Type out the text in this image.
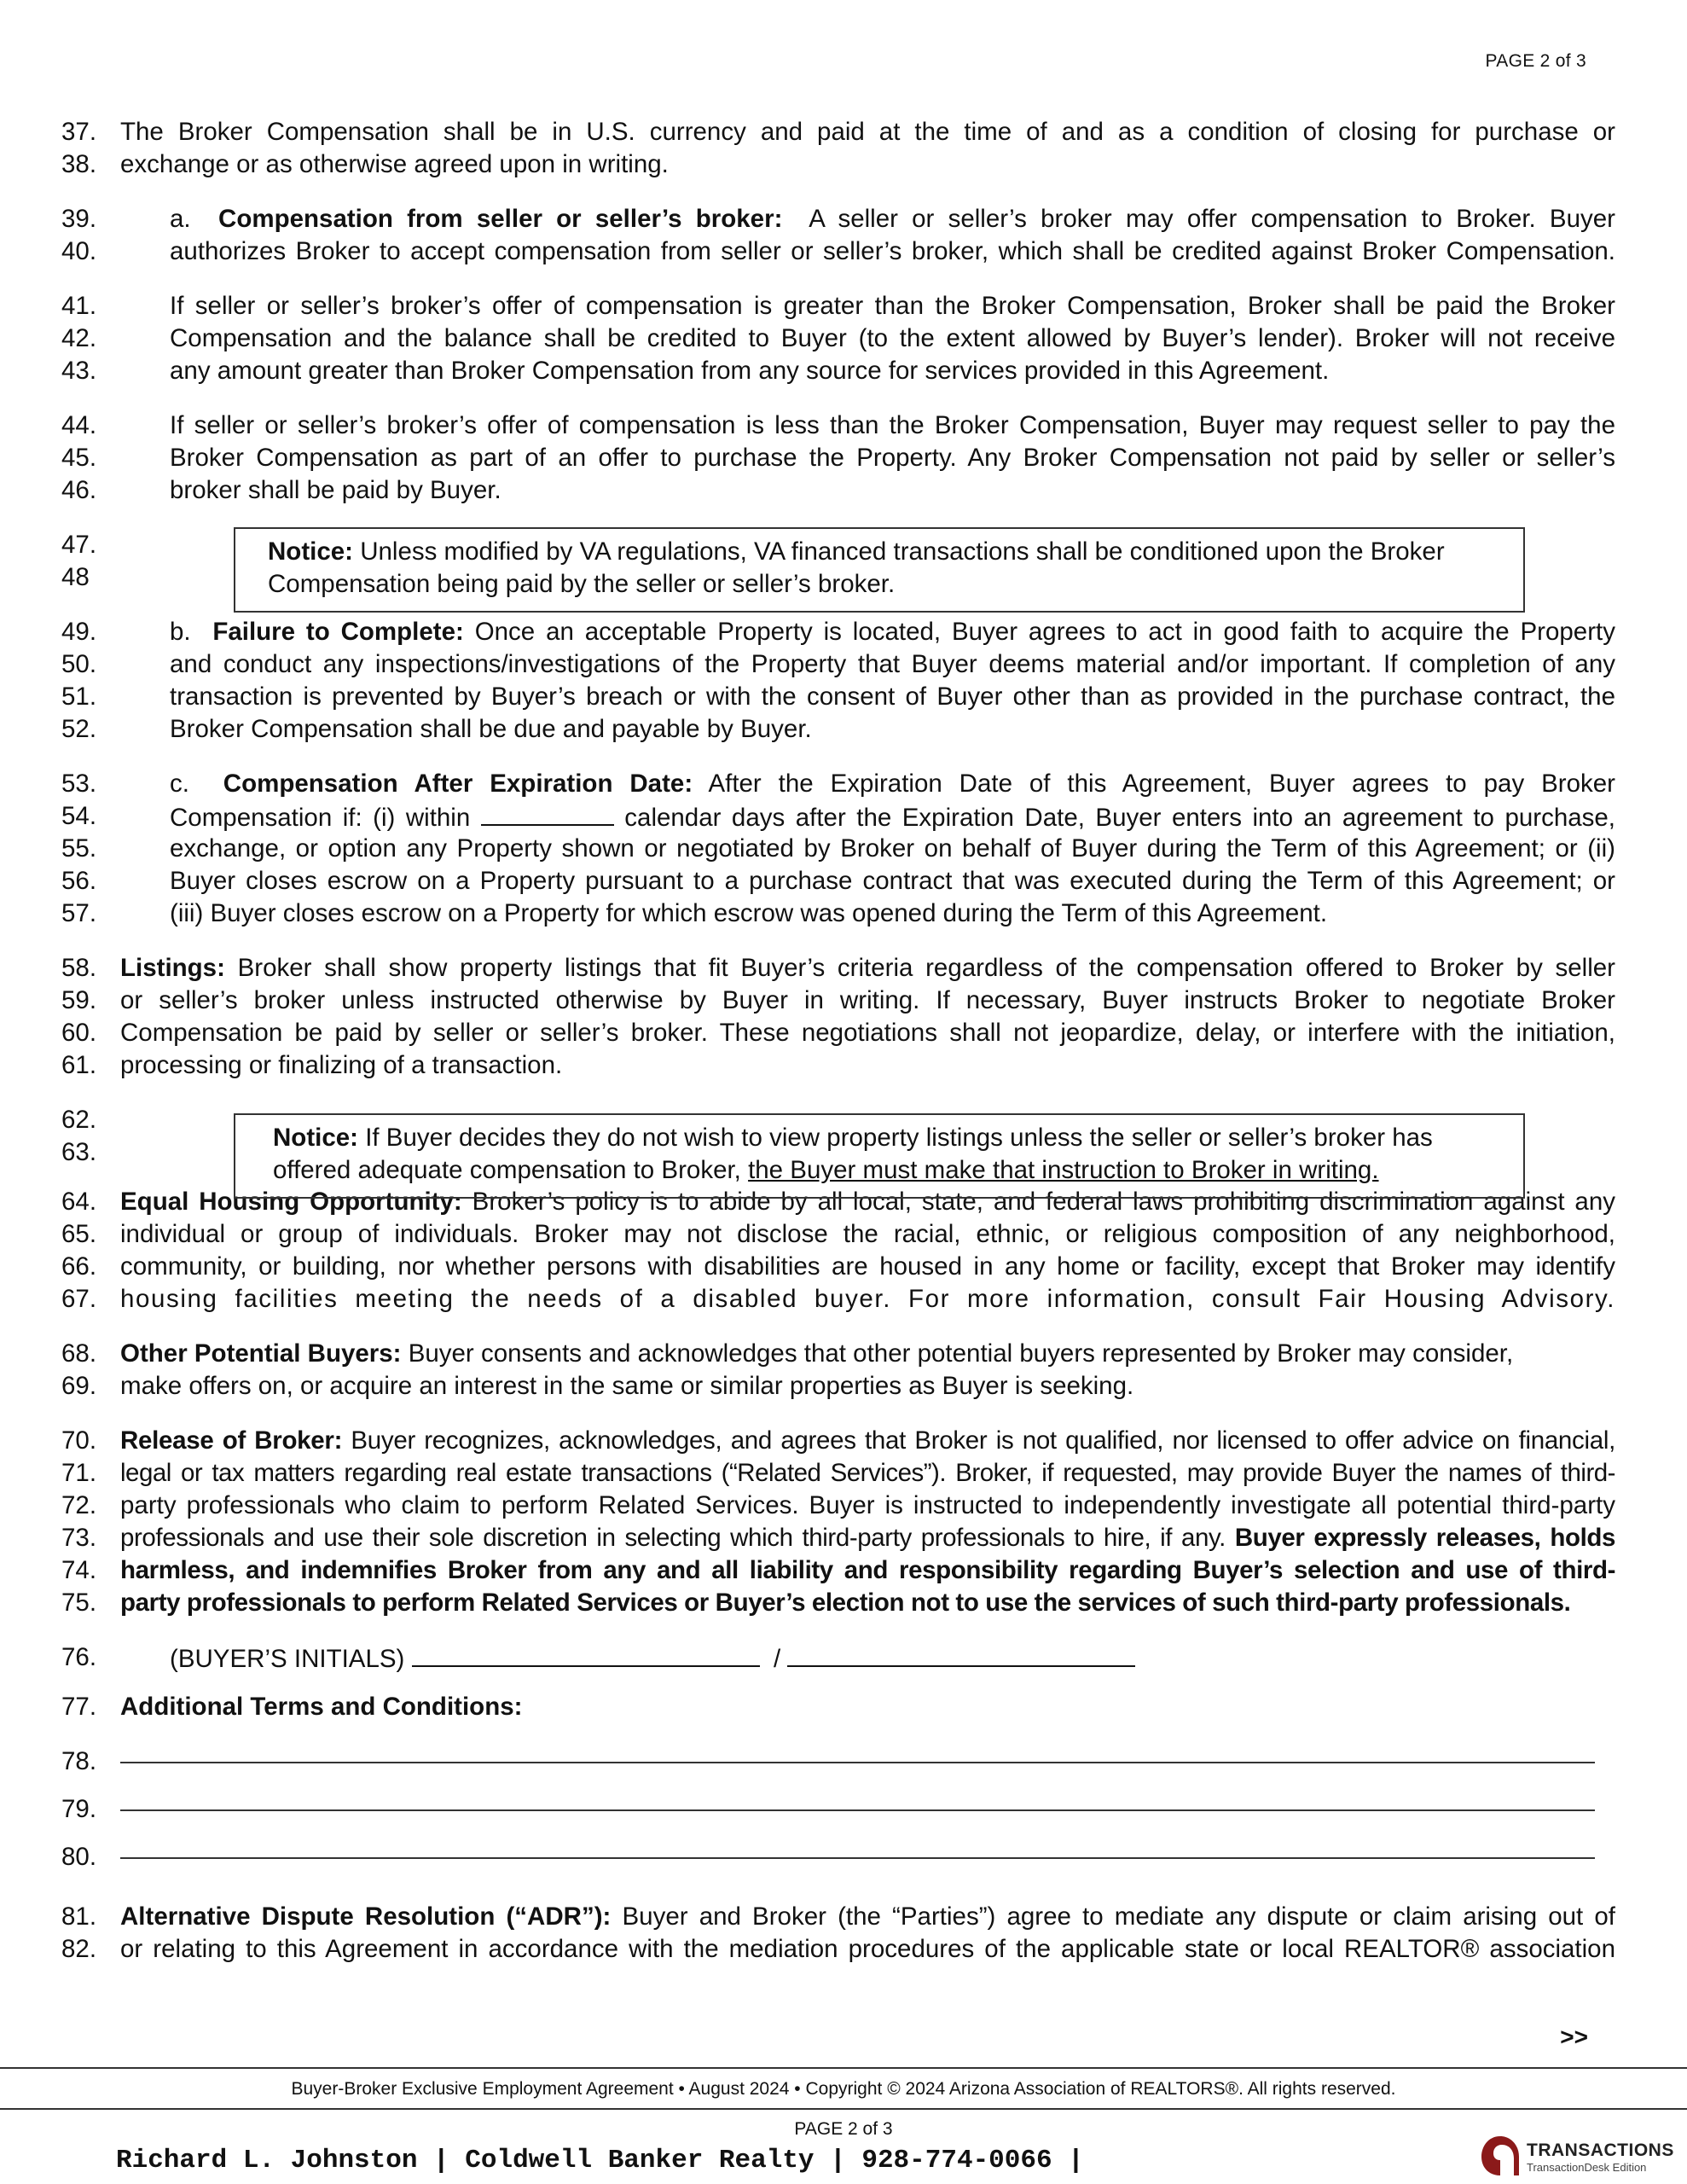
PAGE 2 of 3
37. The Broker Compensation shall be in U.S. currency and paid at the time of and as a condition of closing for purchase or
38. exchange or as otherwise agreed upon in writing.
39.	a. Compensation from seller or seller’s broker: A seller or seller’s broker may offer compensation to Broker. Buyer
40.	authorizes Broker to accept compensation from seller or seller’s broker, which shall be credited against Broker Compensation.
41.	If seller or seller’s broker’s offer of compensation is greater than the Broker Compensation, Broker shall be paid the Broker
42.	Compensation and the balance shall be credited to Buyer (to the extent allowed by Buyer’s lender). Broker will not receive
43.	any amount greater than Broker Compensation from any source for services provided in this Agreement.
44.	If seller or seller’s broker’s offer of compensation is less than the Broker Compensation, Buyer may request seller to pay the
45.	Broker Compensation as part of an offer to purchase the Property. Any Broker Compensation not paid by seller or seller’s
46.	broker shall be paid by Buyer.
47.
48
49.	b. Failure to Complete: Once an acceptable Property is located, Buyer agrees to act in good faith to acquire the Property
50.	and conduct any inspections/investigations of the Property that Buyer deems material and/or important. If completion of any
51.	transaction is prevented by Buyer’s breach or with the consent of Buyer other than as provided in the purchase contract, the
52.	Broker Compensation shall be due and payable by Buyer.
53.	c. Compensation After Expiration Date: After the Expiration Date of this Agreement, Buyer agrees to pay Broker
54.	Compensation if: (i) within	calendar days after the Expiration Date, Buyer enters into an agreement to purchase,
55.	exchange, or option any Property shown or negotiated by Broker on behalf of Buyer during the Term of this Agreement; or (ii)
56.	Buyer closes escrow on a Property pursuant to a purchase contract that was executed during the Term of this Agreement; or
57.	(iii) Buyer closes escrow on a Property for which escrow was opened during the Term of this Agreement.
58. Listings: Broker shall show property listings that fit Buyer’s criteria regardless of the compensation offered to Broker by seller
59. or seller’s broker unless instructed otherwise by Buyer in writing. If necessary, Buyer instructs Broker to negotiate Broker
60. Compensation be paid by seller or seller’s broker. These negotiations shall not jeopardize, delay, or interfere with the initiation,
61. processing or finalizing of a transaction.
62.
63.
64. Equal Housing Opportunity: Broker’s policy is to abide by all local, state, and federal laws prohibiting discrimination against any
65. individual or group of individuals. Broker may not disclose the racial, ethnic, or religious composition of any neighborhood,
66. community, or building, nor whether persons with disabilities are housed in any home or facility, except that Broker may identify
67. housing facilities meeting the needs of a disabled buyer. For more information, consult Fair Housing Advisory.
68. Other Potential Buyers: Buyer consents and acknowledges that other potential buyers represented by Broker may consider,
69. make offers on, or acquire an interest in the same or similar properties as Buyer is seeking.
70. Release of Broker: Buyer recognizes, acknowledges, and agrees that Broker is not qualified, nor licensed to offer advice on financial,
71. legal or tax matters regarding real estate transactions (“Related Services”). Broker, if requested, may provide Buyer the names of third-
72. party professionals who claim to perform Related Services. Buyer is instructed to independently investigate all potential third-party
73. professionals and use their sole discretion in selecting which third-party professionals to hire, if any. Buyer expressly releases, holds
74. harmless, and indemnifies Broker from any and all liability and responsibility regarding Buyer’s selection and use of third-
75. party professionals to perform Related Services or Buyer’s election not to use the services of such third-party professionals.
76.	(BUYER’S INITIALS)	/
77. Additional Terms and Conditions:
78.
79.
80.
81. Alternative Dispute Resolution (“ADR”): Buyer and Broker (the “Parties”) agree to mediate any dispute or claim arising out of
82. or relating to this Agreement in accordance with the mediation procedures of the applicable state or local REALTOR® association
Notice: Unless modified by VA regulations, VA financed transactions shall be conditioned upon the Broker
Compensation being paid by the seller or seller’s broker.
Notice: If Buyer decides they do not wish to view property listings unless the seller or seller’s broker has
offered adequate compensation to Broker, the Buyer must make that instruction to Broker in writing.
>>
Buyer-Broker Exclusive Employment Agreement • August 2024 • Copyright © 2024 Arizona Association of REALTORS®. All rights reserved.
PAGE 2 of 3
Richard L. Johnston | Coldwell Banker Realty | 928-774-0066 |	TRANSACTIONS
TransactionDesk Edition
